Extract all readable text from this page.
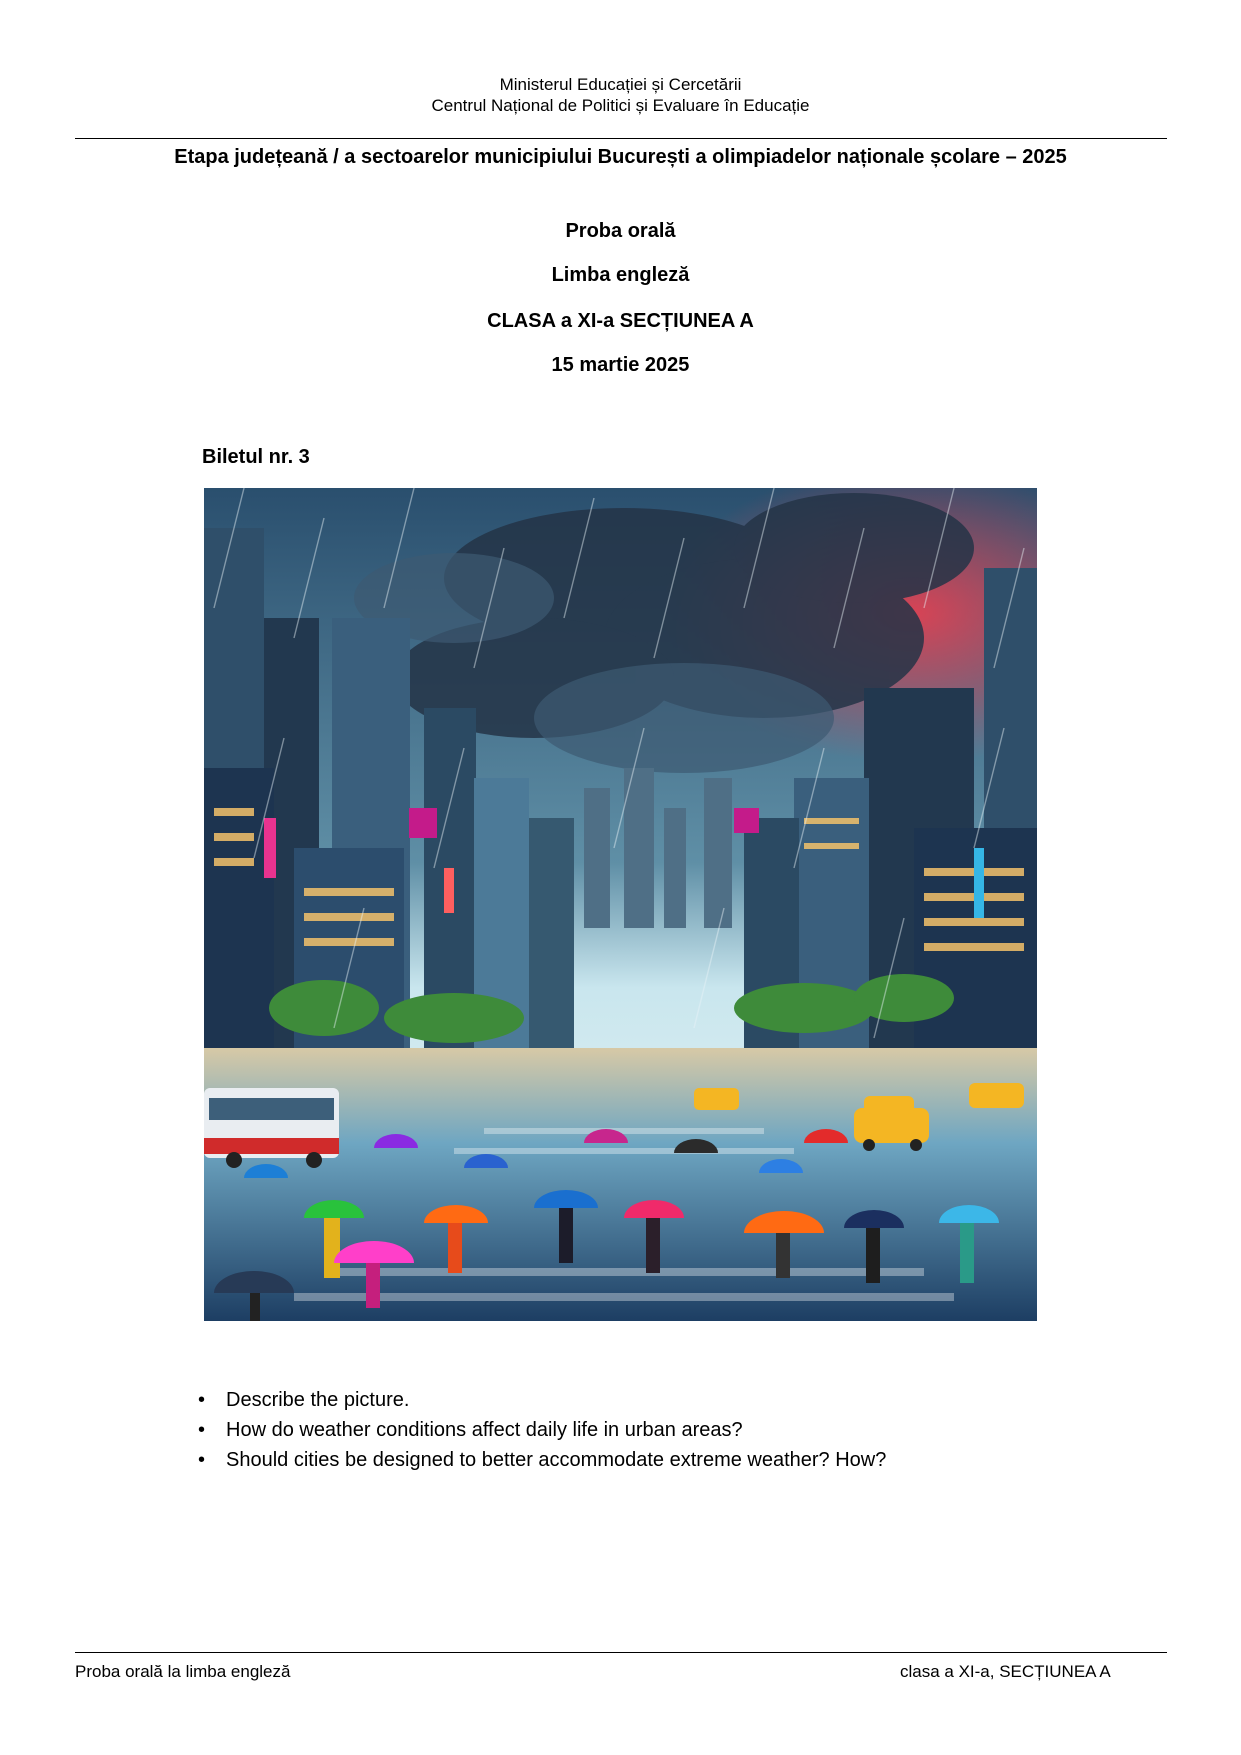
Ministerul Educației și Cercetării
Centrul Național de Politici și Evaluare în Educație
Etapa județeană / a sectoarelor municipiului București a olimpiadelor naționale școlare – 2025
Proba orală
Limba engleză
CLASA a XI-a SECȚIUNEA A
15 martie 2025
Biletul nr. 3
• Describe the picture.
• How do weather conditions affect daily life in urban areas?
• Should cities be designed to better accommodate extreme weather? How?
Proba orală la limba engleză	clasa a XI-a, SECȚIUNEA A
